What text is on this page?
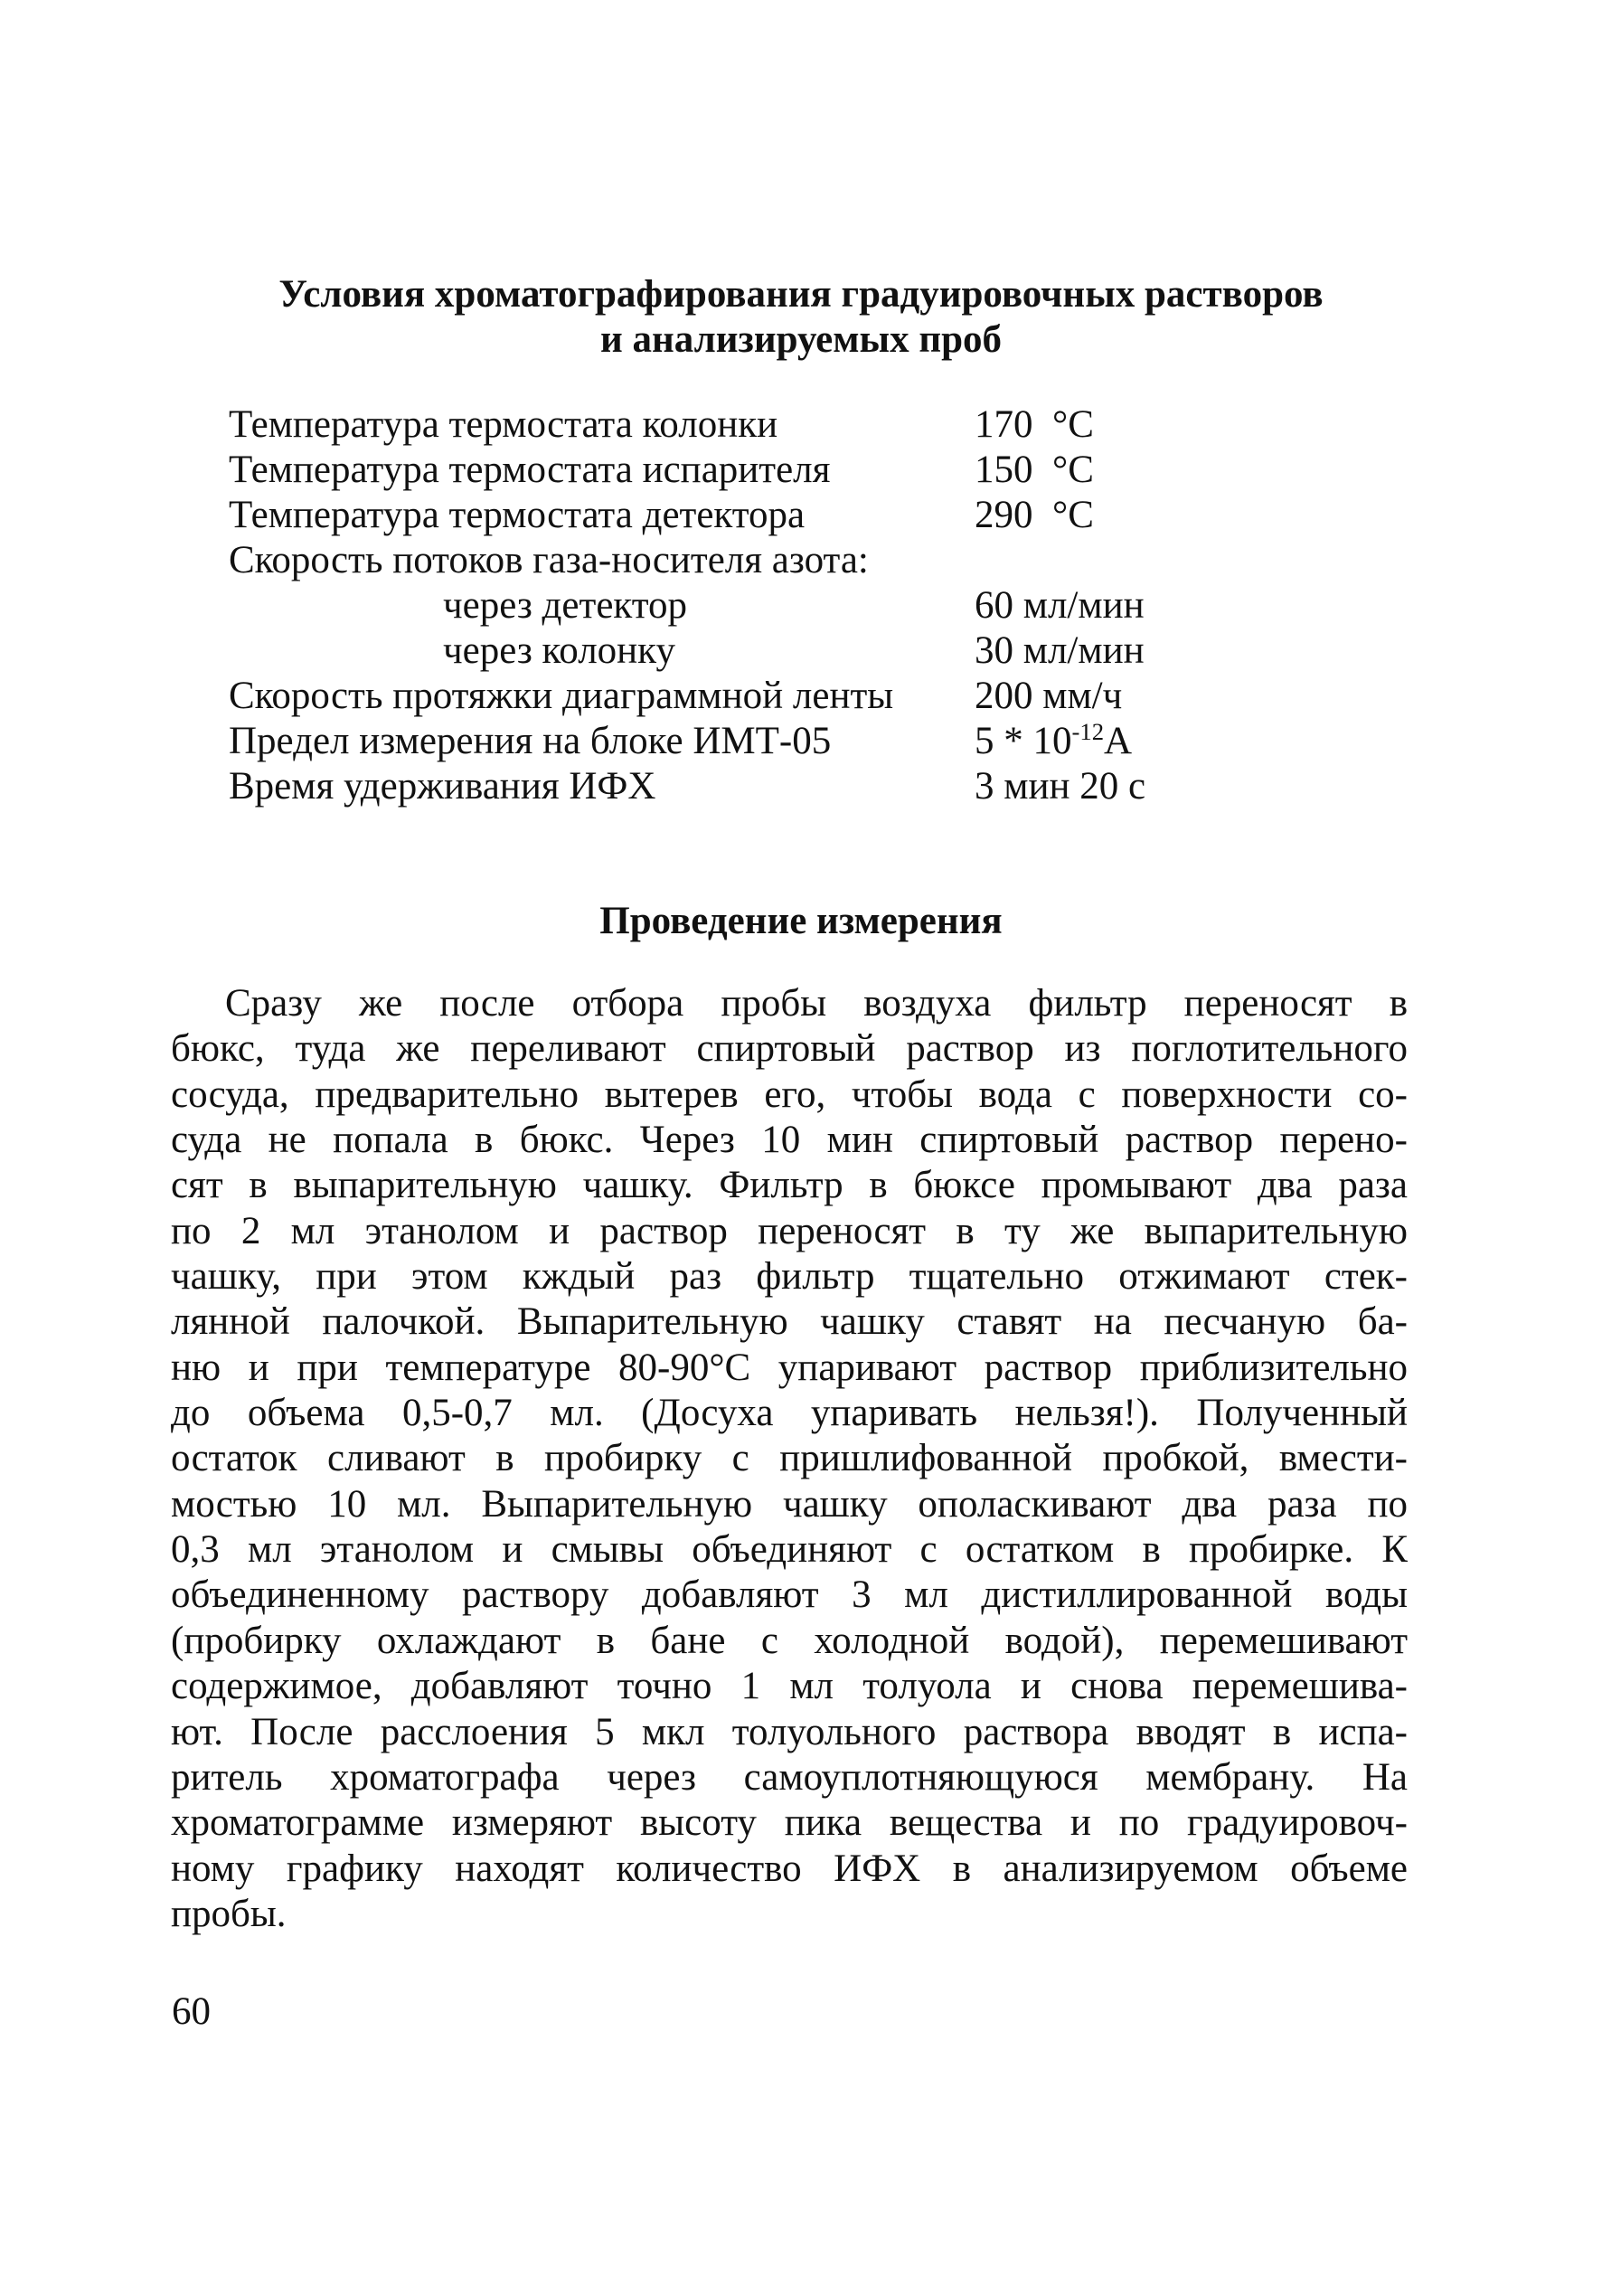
Условия хроматографирования градуировочных растворов
и анализируемых проб
Температура термостата колонки	170 °С
Температура термостата испарителя	150 °С
Температура термостата детектора	290 °С
Скорость потоков газа-носителя азота:
через детектор	60 мл/мин
через колонку	30 мл/мин
Скорость протяжки диаграммной ленты 200 мм/ч
Предел измерения на блоке ИМТ-05	$5 * 10^{-12}А$
Время удерживания ИФХ	3 мин 20 с
Проведение измерения
Сразу же после отбора пробы воздуха фильтр переносят в
бюкс, туда же переливают спиртовый раствор из поглотительного
сосуда, предварительно вытерев его, чтобы вода с поверхности со-
суда не попала в бюкс. Через 10 мин спиртовый раствор перено-
сят в выпарительную чашку. Фильтр в бюксе промывают два раза
по 2 мл этанолом и раствор переносят в ту же выпарительную
чашку, при этом кждый раз фильтр тщательно отжимают стек-
лянной палочкой. Выпарительную чашку ставят на песчаную ба-
ню и при температуре 80-90°С упаривают раствор приблизительно
до объема 0,5-0,7 мл. (Досуха упаривать нельзя!). Полученный
остаток сливают в пробирку с пришлифованной пробкой, вмести-
мостью 10 мл. Выпарительную чашку ополаскивают два раза по
0,3 мл этанолом и смывы объединяют с остатком в пробирке. К
объединенному раствору добавляют 3 мл дистиллированной воды
(пробирку охлаждают в бане с холодной водой), перемешивают
содержимое, добавляют точно 1 мл толуола и снова перемешива-
ют. После расслоения 5 мкл толуольного раствора вводят в испа-
ритель хроматографа через самоуплотняющуюся мембрану. На
хроматограмме измеряют высоту пика вещества и по градуировоч-
ному графику находят количество ИФХ в анализируемом объеме
пробы.
60
